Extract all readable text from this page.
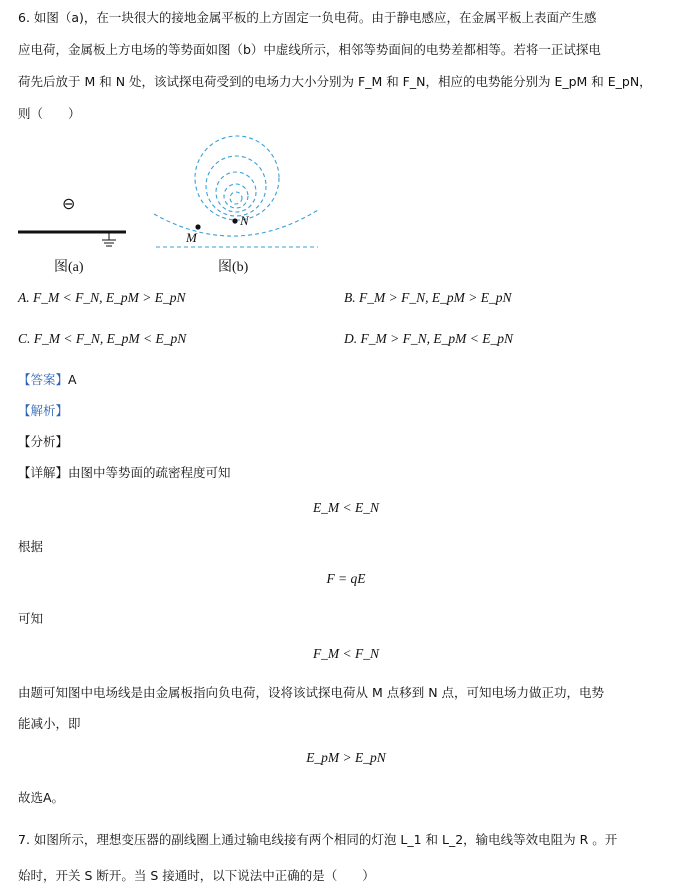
6. 如图（a)，在一块很大的接地金属平板的上方固定一负电荷。由于静电感应，在金属平板上表面产生感
应电荷，金属板上方电场的等势面如图（b）中虚线所示，相邻等势面间的电势差都相等。若将一正试探电
荷先后放于 M 和 N 处，该试探电荷受到的电场力大小分别为 F_M 和 F_N，相应的电势能分别为 E_pM 和 E_pN，
则（　　）
⊖
图(a)
M
N
图(b)
A. F_M < F_N, E_pM > E_pN	B. F_M > F_N, E_pM > E_pN
C. F_M < F_N, E_pM < E_pN	D. F_M > F_N, E_pM < E_pN
【答案】A
【解析】
【分析】
【详解】由图中等势面的疏密程度可知
E_M < E_N
根据
F = qE
可知
F_M < F_N
由题可知图中电场线是由金属板指向负电荷，设将该试探电荷从 M 点移到 N 点，可知电场力做正功，电势
能减小，即
E_pM > E_pN
故选A。
7. 如图所示，理想变压器的副线圈上通过输电线接有两个相同的灯泡 L_1 和 L_2，输电线等效电阻为 R 。开
始时，开关 S 断开。当 S 接通时，以下说法中正确的是（　　）
